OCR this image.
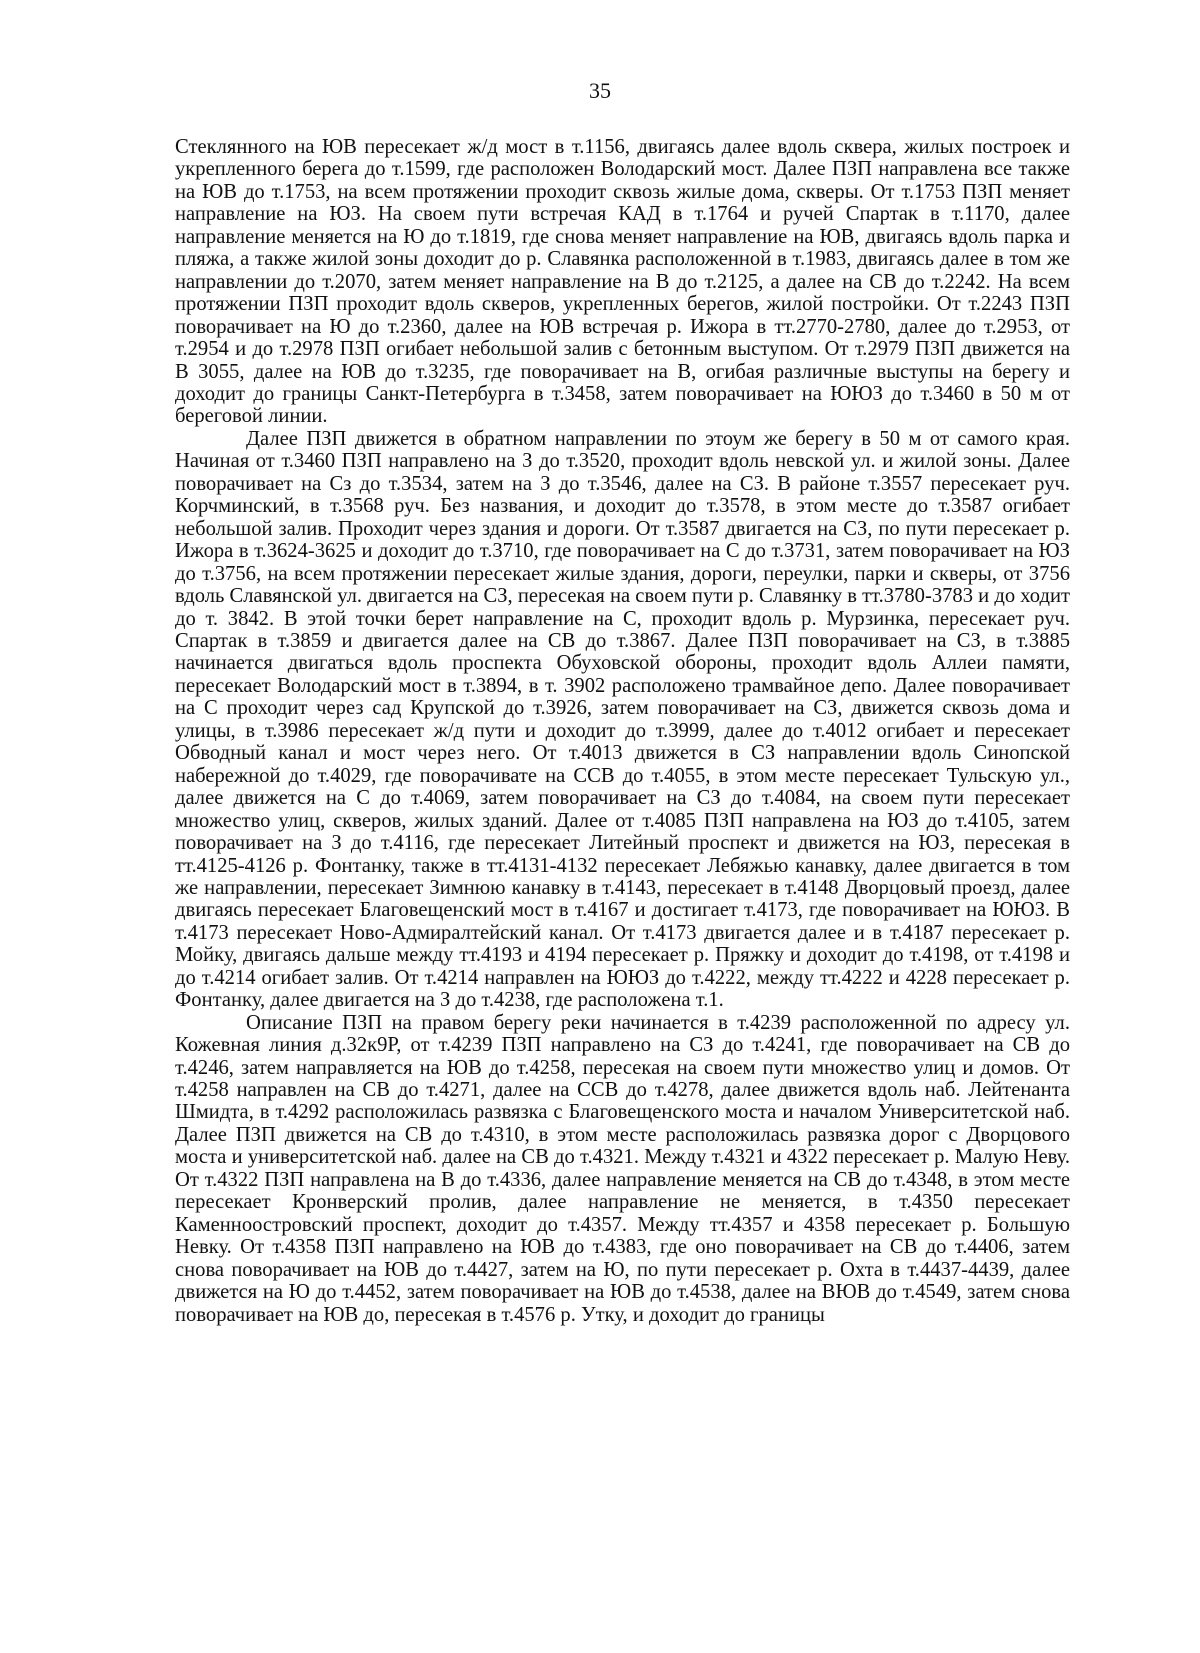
35

Стеклянного на ЮВ пересекает ж/д мост в т.1156, двигаясь далее вдоль сквера, жилых построек и укрепленного берега до т.1599, где расположен Володарский мост. Далее ПЗП направлена все также на ЮВ до т.1753, на всем протяжении проходит сквозь жилые дома, скверы. От т.1753 ПЗП меняет направление на ЮЗ. На своем пути встречая КАД в т.1764 и ручей Спартак в т.1170, далее направление меняется на Ю до т.1819, где снова меняет направление на ЮВ, двигаясь вдоль парка и пляжа, а также жилой зоны доходит до р. Славянка расположенной в т.1983, двигаясь далее в том же направлении до т.2070, затем меняет направление на В до т.2125, а далее на СВ до т.2242. На всем протяжении ПЗП проходит вдоль скверов, укрепленных берегов, жилой постройки. От т.2243 ПЗП поворачивает на Ю до т.2360, далее на ЮВ встречая р. Ижора в тт.2770-2780, далее до т.2953, от т.2954 и до т.2978 ПЗП огибает небольшой залив с бетонным выступом. От т.2979 ПЗП движется на В 3055, далее на ЮВ до т.3235, где поворачивает на В, огибая различные выступы на берегу и доходит до границы Санкт-Петербурга в т.3458, затем поворачивает на ЮЮЗ до т.3460 в 50 м от береговой линии.

Далее ПЗП движется в обратном направлении по этоум же берегу в 50 м от самого края. Начиная от т.3460 ПЗП направлено на З до т.3520, проходит вдоль невской ул. и жилой зоны. Далее поворачивает на Сз до т.3534, затем на З до т.3546, далее на СЗ. В районе т.3557 пересекает руч. Корчминский, в т.3568 руч. Без названия, и доходит до т.3578, в этом месте до т.3587 огибает небольшой залив. Проходит через здания и дороги. От т.3587 двигается на СЗ, по пути пересекает р. Ижора в т.3624-3625 и доходит до т.3710, где поворачивает на С до т.3731, затем поворачивает на ЮЗ до т.3756, на всем протяжении пересекает жилые здания, дороги, переулки, парки и скверы, от 3756 вдоль Славянской ул. двигается на СЗ, пересекая на своем пути р. Славянку в тт.3780-3783 и до ходит до т. 3842. В этой точки берет направление на С, проходит вдоль р. Мурзинка, пересекает руч. Спартак в т.3859 и двигается далее на СВ до т.3867. Далее ПЗП поворачивает на СЗ, в т.3885 начинается двигаться вдоль проспекта Обуховской обороны, проходит вдоль Аллеи памяти, пересекает Володарский мост в т.3894, в т. 3902 расположено трамвайное депо. Далее поворачивает на С проходит через сад Крупской до т.3926, затем поворачивает на СЗ, движется сквозь дома и улицы, в т.3986 пересекает ж/д пути и доходит до т.3999, далее до т.4012 огибает и пересекает Обводный канал и мост через него. От т.4013 движется в СЗ направлении вдоль Синопской набережной до т.4029, где поворачивате на ССВ до т.4055, в этом месте пересекает Тульскую ул., далее движется на С до т.4069, затем поворачивает на СЗ до т.4084, на своем пути пересекает множество улиц, скверов, жилых зданий. Далее от т.4085 ПЗП направлена на ЮЗ до т.4105, затем поворачивает на З до т.4116, где пересекает Литейный проспект и движется на ЮЗ, пересекая в тт.4125-4126 р. Фонтанку, также в тт.4131-4132 пересекает Лебяжью канавку, далее двигается в том же направлении, пересекает Зимнюю канавку в т.4143, пересекает в т.4148 Дворцовый проезд, далее двигаясь пересекает Благовещенский мост в т.4167 и достигает т.4173, где поворачивает на ЮЮЗ. В т.4173 пересекает Ново-Адмиралтейский канал. От т.4173 двигается далее и в т.4187 пересекает р. Мойку, двигаясь дальше между тт.4193 и 4194 пересекает р. Пряжку и доходит до т.4198, от т.4198 и до т.4214 огибает залив. От т.4214 направлен на ЮЮЗ до т.4222, между тт.4222 и 4228 пересекает р. Фонтанку, далее двигается на З до т.4238, где расположена т.1.

Описание ПЗП на правом берегу реки начинается в т.4239 расположенной по адресу ул. Кожевная линия д.32к9Р, от т.4239 ПЗП направлено на СЗ до т.4241, где поворачивает на СВ до т.4246, затем направляется на ЮВ до т.4258, пересекая на своем пути множество улиц и домов. От т.4258 направлен на СВ до т.4271, далее на ССВ до т.4278, далее движется вдоль наб. Лейтенанта Шмидта, в т.4292 расположилась развязка с Благовещенского моста и началом Университетской наб. Далее ПЗП движется на СВ до т.4310, в этом месте расположилась развязка дорог с Дворцового моста и университетской наб. далее на СВ до т.4321. Между т.4321 и 4322 пересекает р. Малую Неву. От т.4322 ПЗП направлена на В до т.4336, далее направление меняется на СВ до т.4348, в этом месте пересекает Кронверский пролив, далее направление не меняется, в т.4350 пересекает Каменноостровский проспект, доходит до т.4357. Между тт.4357 и 4358 пересекает р. Большую Невку. От т.4358 ПЗП направлено на ЮВ до т.4383, где оно поворачивает на СВ до т.4406, затем снова поворачивает на ЮВ до т.4427, затем на Ю, по пути пересекает р. Охта в т.4437-4439, далее движется на Ю до т.4452, затем поворачивает на ЮВ до т.4538, далее на ВЮВ до т.4549, затем снова поворачивает на ЮВ до, пересекая в т.4576 р. Утку, и доходит до границы
